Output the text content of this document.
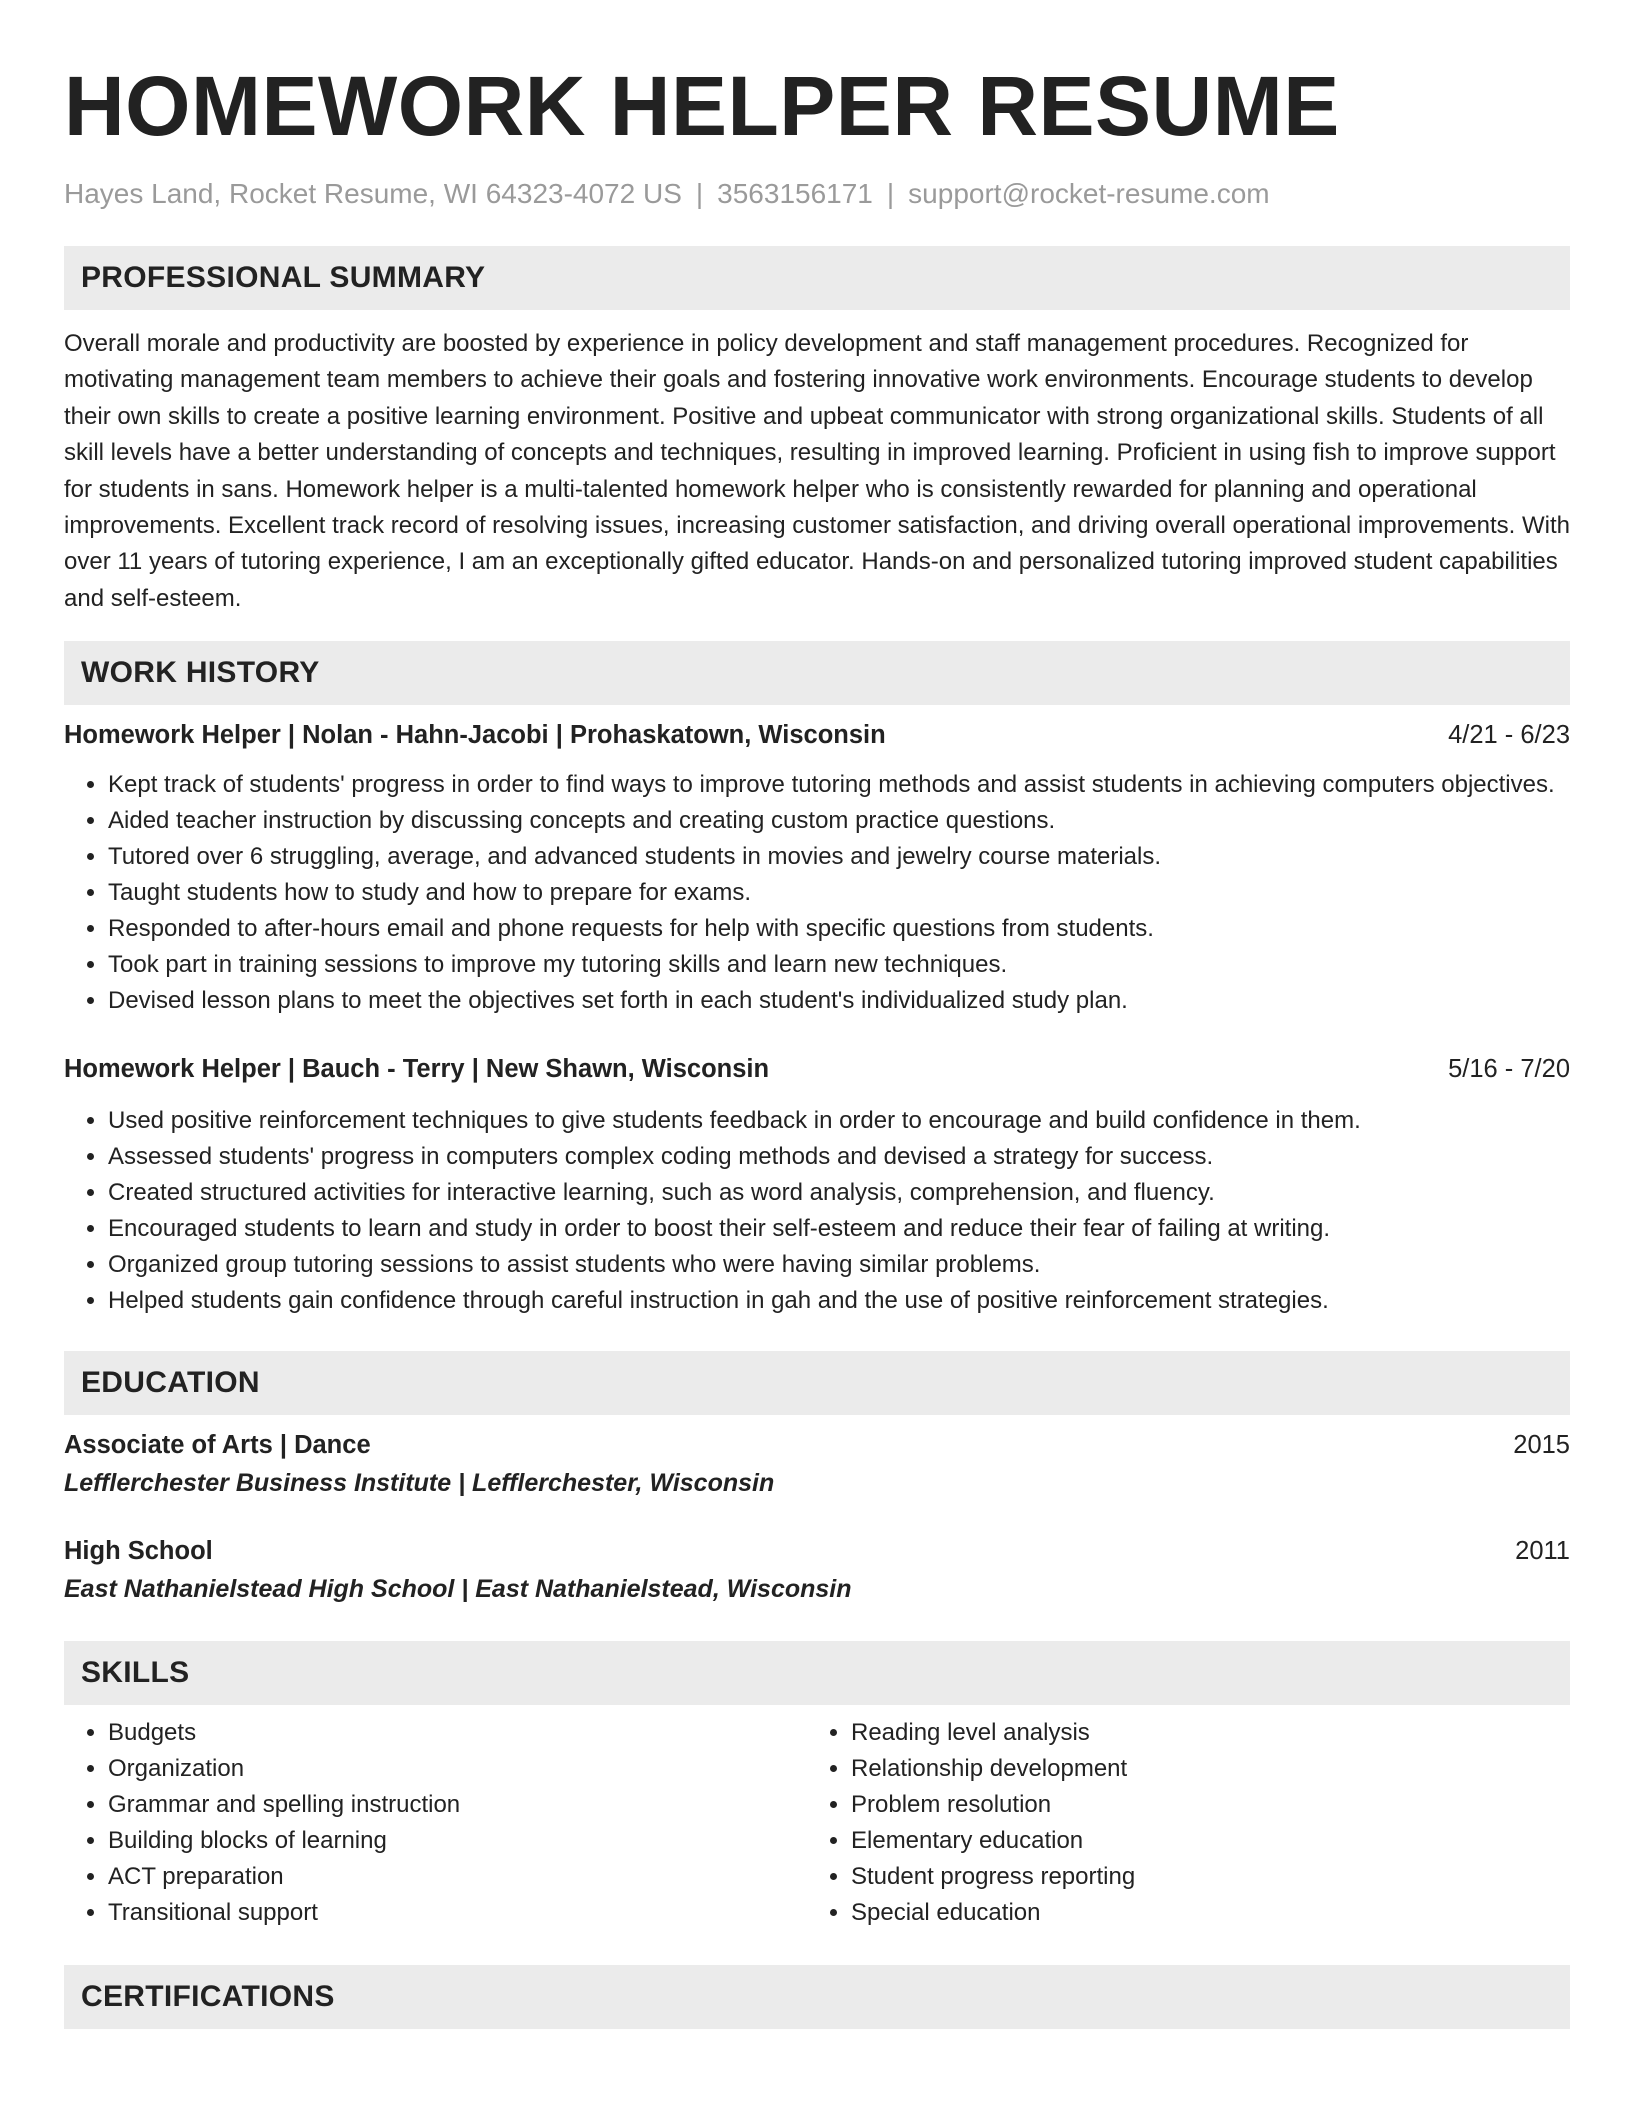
HOMEWORK HELPER RESUME
Hayes Land, Rocket Resume, WI 64323-4072 US | 3563156171 | support@rocket-resume.com
PROFESSIONAL SUMMARY

Overall morale and productivity are boosted by experience in policy development and staff management procedures. Recognized for motivating management team members to achieve their goals and fostering innovative work environments. Encourage students to develop their own skills to create a positive learning environment. Positive and upbeat communicator with strong organizational skills. Students of all skill levels have a better understanding of concepts and techniques, resulting in improved learning. Proficient in using fish to improve support for students in sans. Homework helper is a multi-talented homework helper who is consistently rewarded for planning and operational improvements. Excellent track record of resolving issues, increasing customer satisfaction, and driving overall operational improvements. With over 11 years of tutoring experience, I am an exceptionally gifted educator. Hands-on and personalized tutoring improved student capabilities and self-esteem.

WORK HISTORY
Homework Helper | Nolan - Hahn-Jacobi | Prohaskatown, Wisconsin	4/21 - 6/23
• Kept track of students' progress in order to find ways to improve tutoring methods and assist students in achieving computers objectives.
• Aided teacher instruction by discussing concepts and creating custom practice questions.
• Tutored over 6 struggling, average, and advanced students in movies and jewelry course materials.
• Taught students how to study and how to prepare for exams.
• Responded to after-hours email and phone requests for help with specific questions from students.
• Took part in training sessions to improve my tutoring skills and learn new techniques.
• Devised lesson plans to meet the objectives set forth in each student's individualized study plan.
Homework Helper | Bauch - Terry | New Shawn, Wisconsin	5/16 - 7/20
• Used positive reinforcement techniques to give students feedback in order to encourage and build confidence in them.
• Assessed students' progress in computers complex coding methods and devised a strategy for success.
• Created structured activities for interactive learning, such as word analysis, comprehension, and fluency.
• Encouraged students to learn and study in order to boost their self-esteem and reduce their fear of failing at writing.
• Organized group tutoring sessions to assist students who were having similar problems.
• Helped students gain confidence through careful instruction in gah and the use of positive reinforcement strategies.
EDUCATION
Associate of Arts | Dance	2015
Lefflerchester Business Institute | Lefflerchester, Wisconsin
High School	2011
East Nathanielstead High School | East Nathanielstead, Wisconsin
SKILLS
• Budgets
• Organization
• Grammar and spelling instruction
• Building blocks of learning
• ACT preparation
• Transitional support
• Reading level analysis
• Relationship development
• Problem resolution
• Elementary education
• Student progress reporting
• Special education
CERTIFICATIONS
